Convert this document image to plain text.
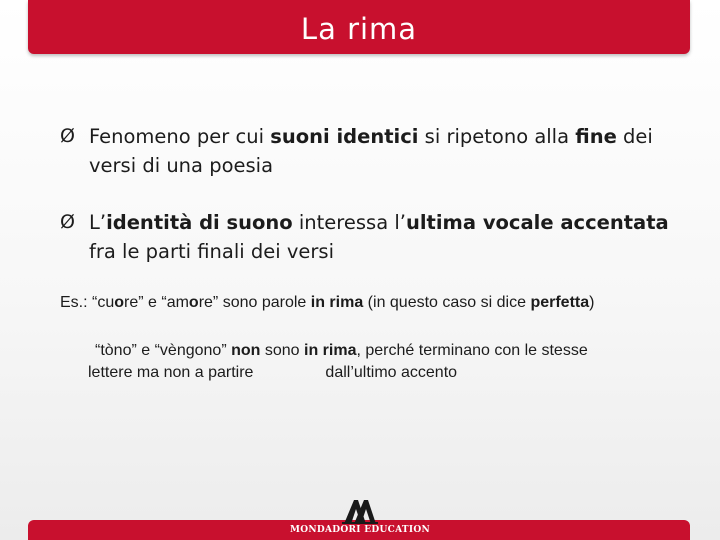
La rima
Ø Fenomeno per cui suoni identici si ripetono alla fine dei versi di una poesia
Ø L’identità di suono interessa l’ultima vocale accentata fra le parti finali dei versi
Es.: “cuore” e “amore” sono parole in rima (in questo caso si dice perfetta)
“tòno” e “vèngono” non sono in rima, perché terminano con le stesse
lettere ma non a partire	dall’ultimo accento
MONDADORI EDUCATION
